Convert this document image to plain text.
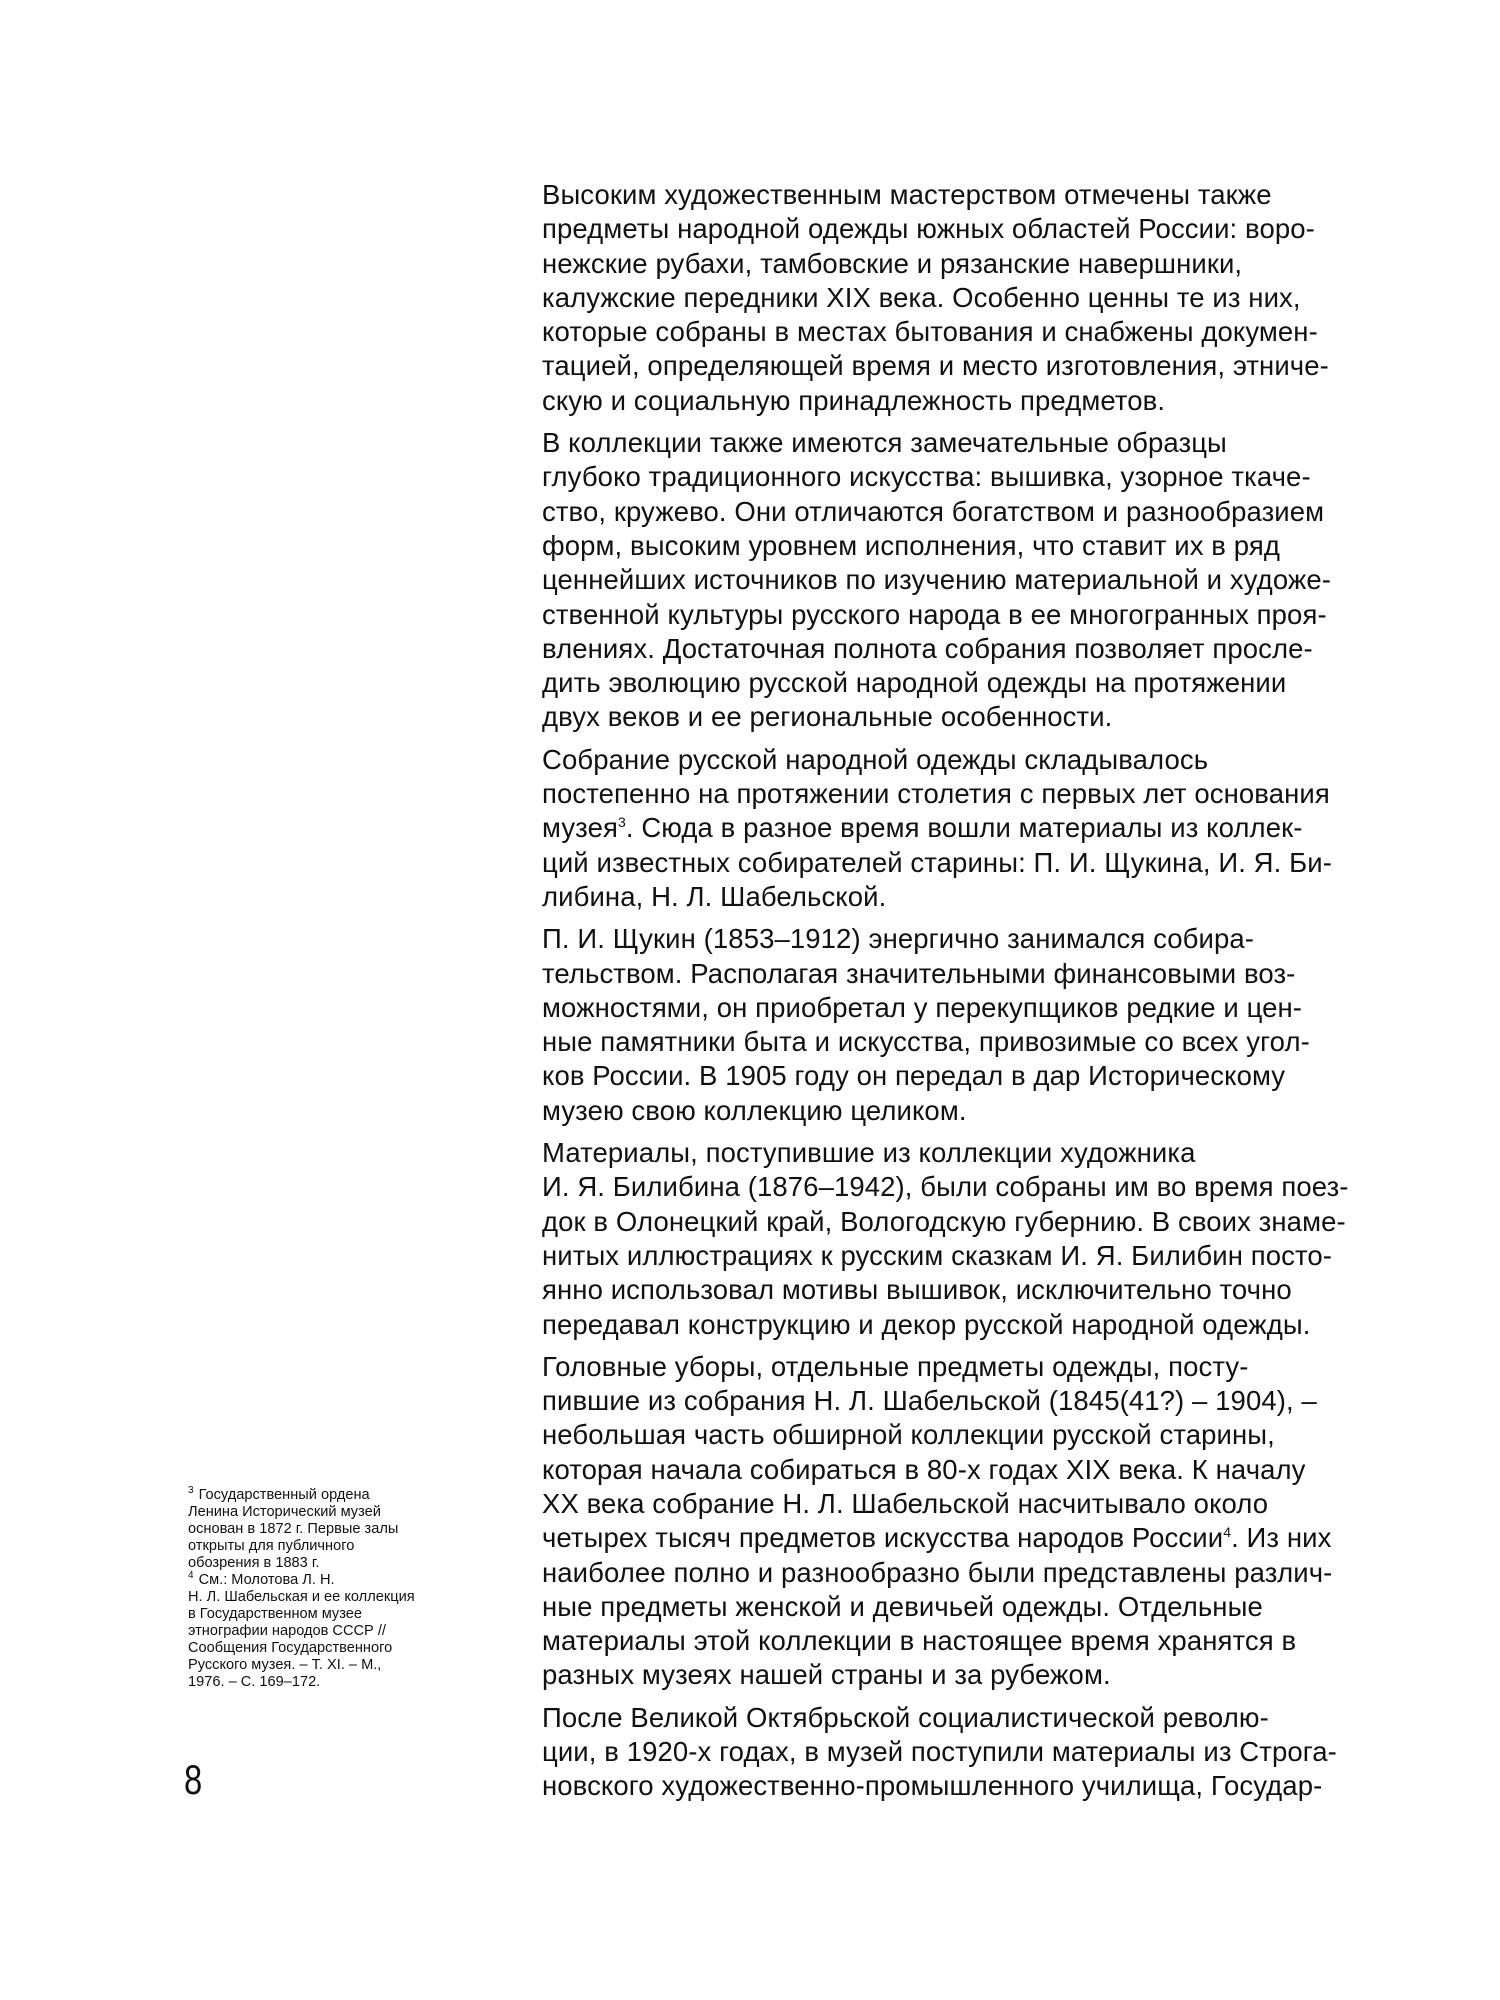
Высоким художественным мастерством отмечены также
предметы народной одежды южных областей России: воро-
нежские рубахи, тамбовские и рязанские навершники,
калужские передники XIX века. Особенно ценны те из них,
которые собраны в местах бытования и снабжены докумен-
тацией, определяющей время и место изготовления, этниче-
скую и социальную принадлежность предметов.

В коллекции также имеются замечательные образцы
глубоко традиционного искусства: вышивка, узорное ткаче-
ство, кружево. Они отличаются богатством и разнообразием
форм, высоким уровнем исполнения, что ставит их в ряд
ценнейших источников по изучению материальной и художе-
ственной культуры русского народа в ее многогранных проя-
влениях. Достаточная полнота собрания позволяет просле-
дить эволюцию русской народной одежды на протяжении
двух веков и ее региональные особенности.

Собрание русской народной одежды складывалось
постепенно на протяжении столетия с первых лет основания
музея$^3$. Сюда в разное время вошли материалы из коллек-
ций известных собирателей старины: П. И. Щукина, И. Я. Би-
либина, Н. Л. Шабельской.

П. И. Щукин (1853–1912) энергично занимался собира-
тельством. Располагая значительными финансовыми воз-
можностями, он приобретал у перекупщиков редкие и цен-
ные памятники быта и искусства, привозимые со всех угол-
ков России. В 1905 году он передал в дар Историческому
музею свою коллекцию целиком.

Материалы, поступившие из коллекции художника
И. Я. Билибина (1876–1942), были собраны им во время поез-
док в Олонецкий край, Вологодскую губернию. В своих знаме-
нитых иллюстрациях к русским сказкам И. Я. Билибин посто-
янно использовал мотивы вышивок, исключительно точно
передавал конструкцию и декор русской народной одежды.

Головные уборы, отдельные предметы одежды, посту-
пившие из собрания Н. Л. Шабельской (1845(41?) – 1904), –
небольшая часть обширной коллекции русской старины,
которая начала собираться в 80-х годах XIX века. К началу
XX века собрание Н. Л. Шабельской насчитывало около
четырех тысяч предметов искусства народов России$^4$. Из них
наиболее полно и разнообразно были представлены различ-
ные предметы женской и девичьей одежды. Отдельные
материалы этой коллекции в настоящее время хранятся в
разных музеях нашей страны и за рубежом.

После Великой Октябрьской социалистической револю-
ции, в 1920-х годах, в музей поступили материалы из Строга-
новского художественно-промышленного училища, Государ-

$^3$ Государственный ордена
Ленина Исторический музей
основан в 1872 г. Первые залы
открыты для публичного
обозрения в 1883 г.
$^4$ См.: Молотова Л. Н.
Н. Л. Шабельская и ее коллекция
в Государственном музее
этнографии народов СССР //
Сообщения Государственного
Русского музея. – Т. XI. – М.,
1976. – С. 169–172.
8
